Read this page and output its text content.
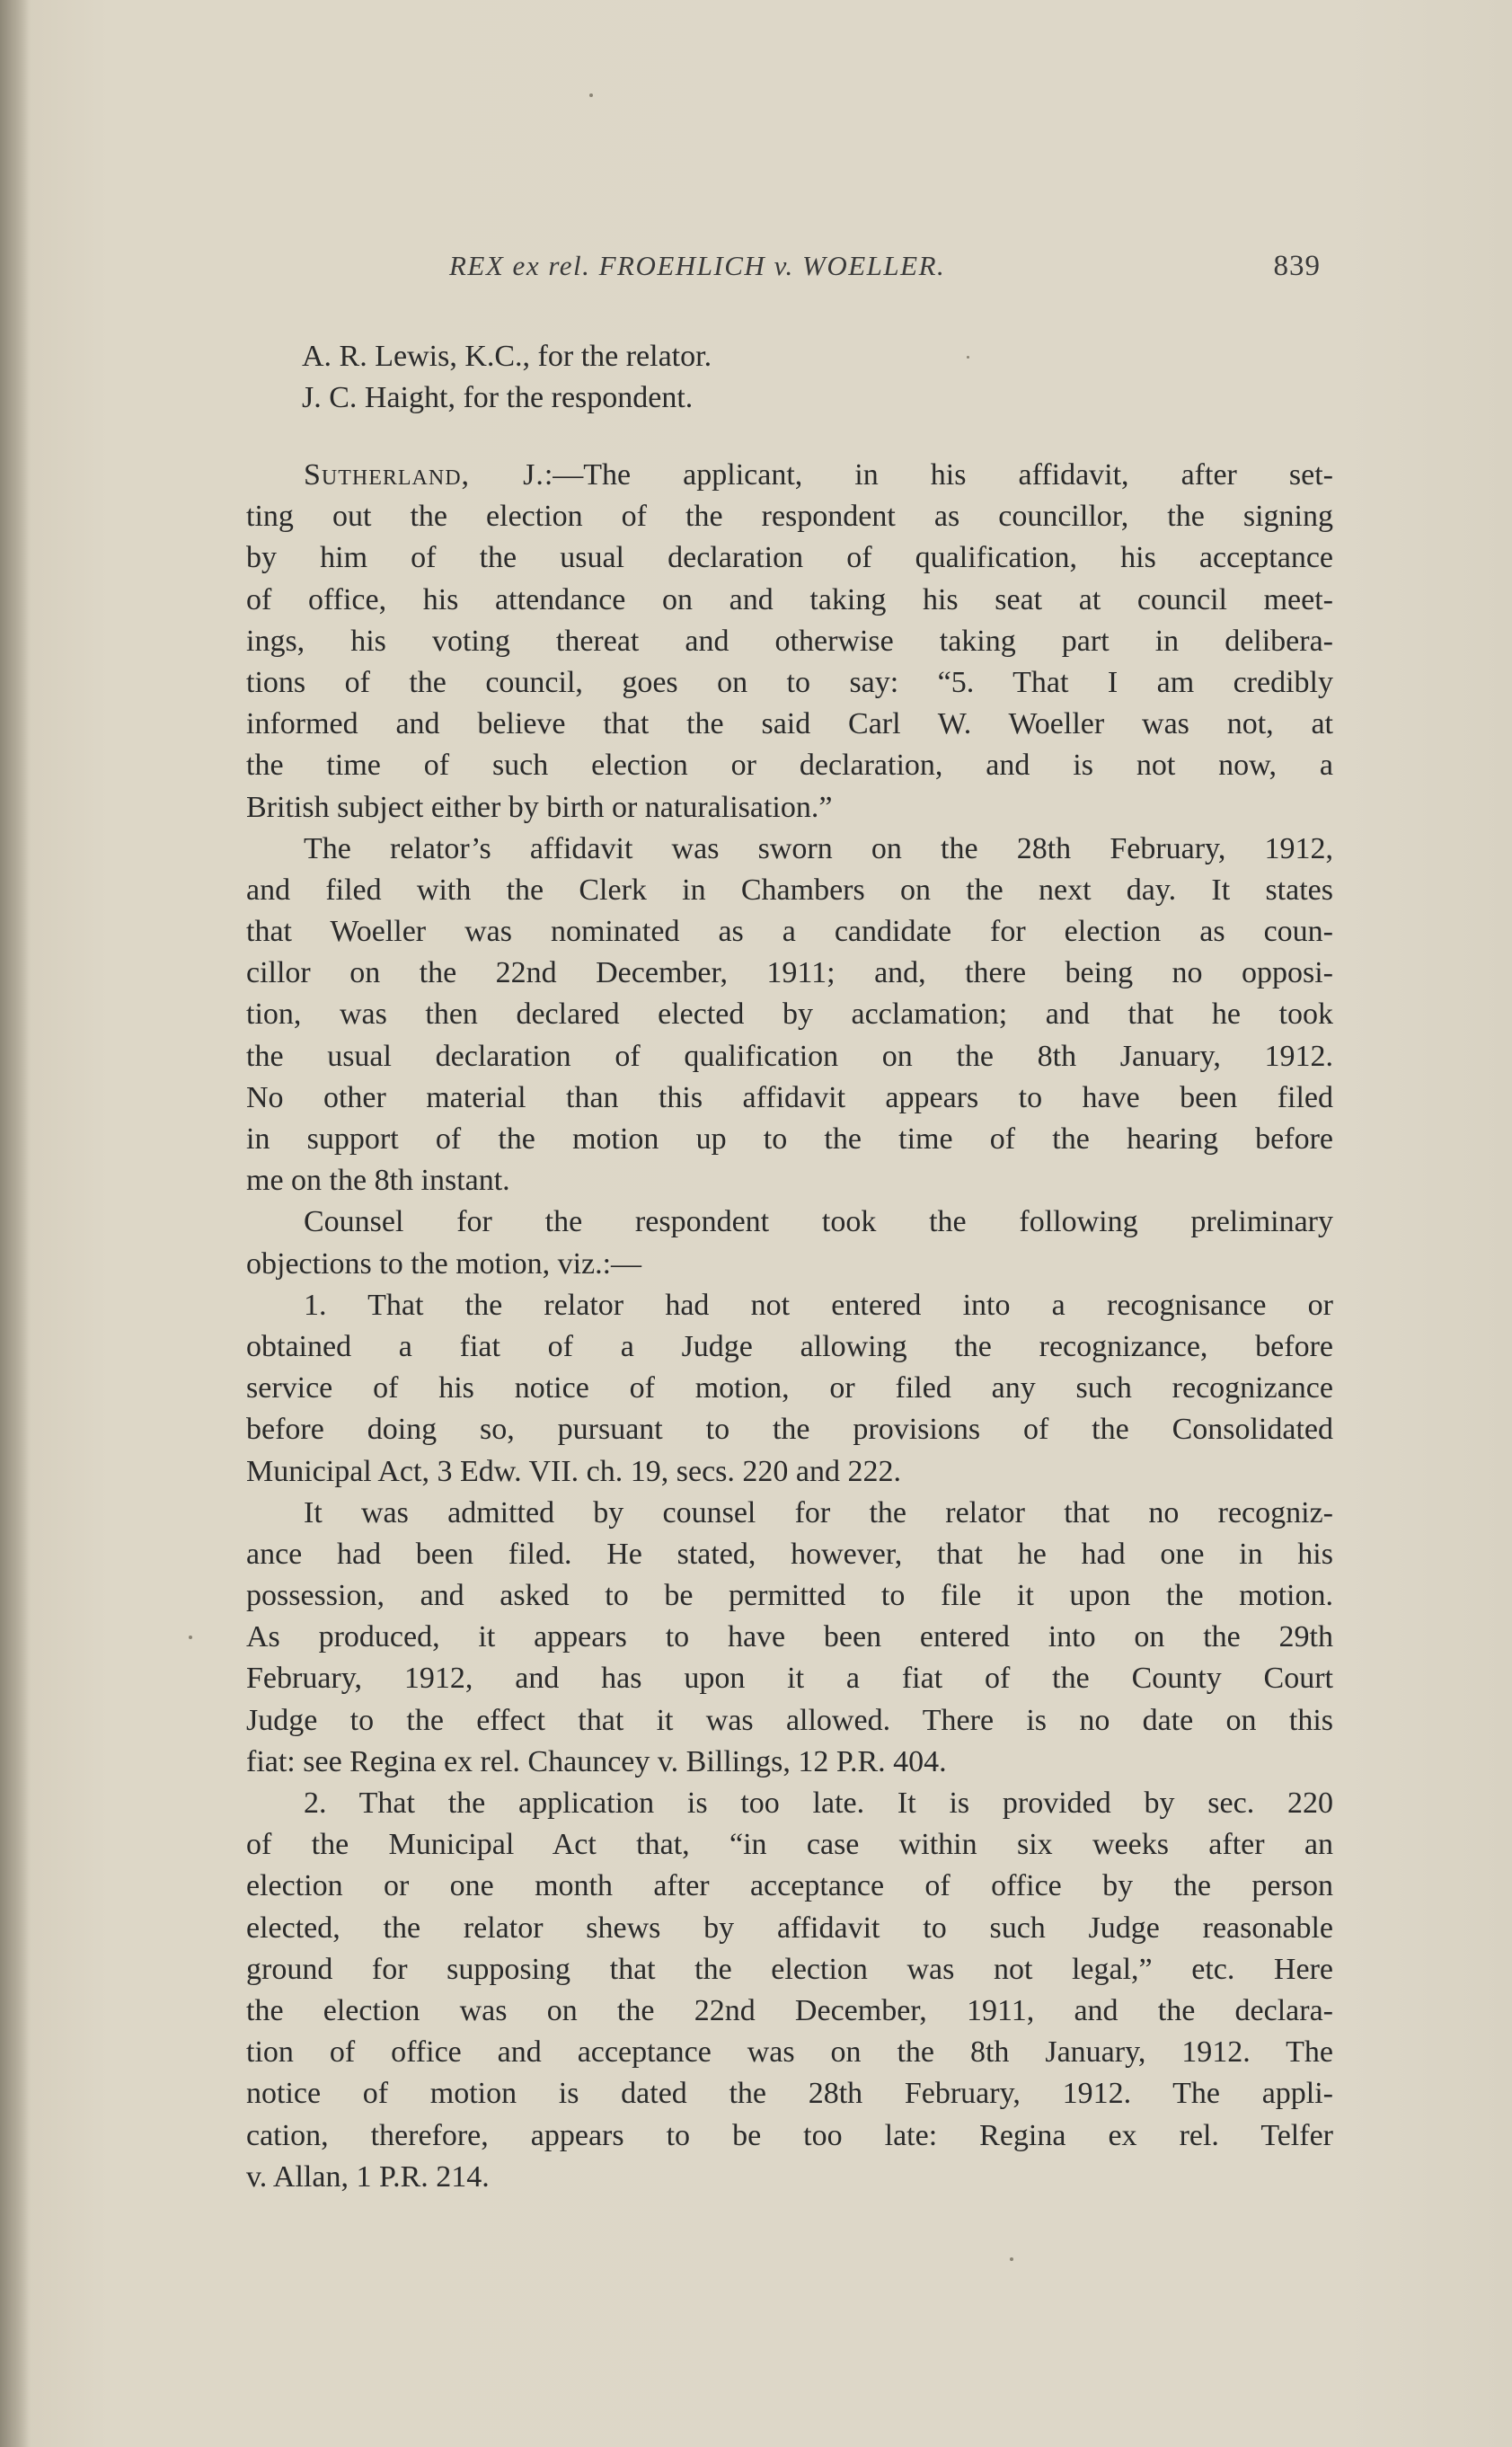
REX ex rel. FROEHLICH v. WOELLER.	839
A. R. Lewis, K.C., for the relator.
J. C. Haight, for the respondent.
Sutherland, J.:—The applicant, in his affidavit, after set-
ting out the election of the respondent as councillor, the signing
by him of the usual declaration of qualification, his acceptance
of office, his attendance on and taking his seat at council meet-
ings, his voting thereat and otherwise taking part in delibera-
tions of the council, goes on to say: “5. That I am credibly
informed and believe that the said Carl W. Woeller was not, at
the time of such election or declaration, and is not now, a
British subject either by birth or naturalisation.”
The relator’s affidavit was sworn on the 28th February, 1912,
and filed with the Clerk in Chambers on the next day. It states
that Woeller was nominated as a candidate for election as coun-
cillor on the 22nd December, 1911; and, there being no opposi-
tion, was then declared elected by acclamation; and that he took
the usual declaration of qualification on the 8th January, 1912.
No other material than this affidavit appears to have been filed
in support of the motion up to the time of the hearing before
me on the 8th instant.
Counsel for the respondent took the following preliminary
objections to the motion, viz.:—
1. That the relator had not entered into a recognisance or
obtained a fiat of a Judge allowing the recognizance, before
service of his notice of motion, or filed any such recognizance
before doing so, pursuant to the provisions of the Consolidated
Municipal Act, 3 Edw. VII. ch. 19, secs. 220 and 222.
It was admitted by counsel for the relator that no recogniz-
ance had been filed. He stated, however, that he had one in his
possession, and asked to be permitted to file it upon the motion.
As produced, it appears to have been entered into on the 29th
February, 1912, and has upon it a fiat of the County Court
Judge to the effect that it was allowed. There is no date on this
fiat: see Regina ex rel. Chauncey v. Billings, 12 P.R. 404.
2. That the application is too late. It is provided by sec. 220
of the Municipal Act that, “in case within six weeks after an
election or one month after acceptance of office by the person
elected, the relator shews by affidavit to such Judge reasonable
ground for supposing that the election was not legal,” etc. Here
the election was on the 22nd December, 1911, and the declara-
tion of office and acceptance was on the 8th January, 1912. The
notice of motion is dated the 28th February, 1912. The appli-
cation, therefore, appears to be too late: Regina ex rel. Telfer
v. Allan, 1 P.R. 214.
